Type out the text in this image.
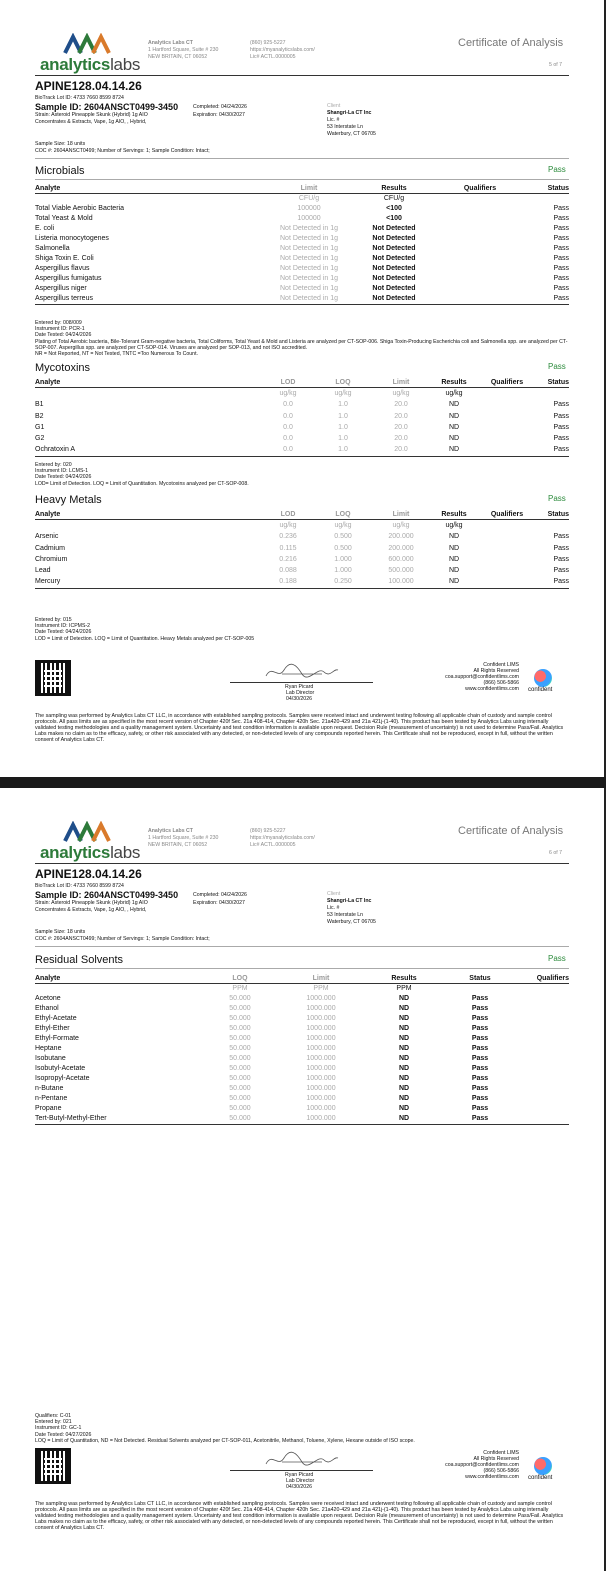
Microbials	Pass
Analyte	Limit	Results	Qualifiers	Status
	CFU/g	CFU/g		
Total Viable Aerobic Bacteria	100000	<100		Pass
Total Yeast & Mold	100000	<100		Pass
E. coli	Not Detected in 1g	Not Detected		Pass
Listeria monocytogenes	Not Detected in 1g	Not Detected		Pass
Salmonella	Not Detected in 1g	Not Detected		Pass
Shiga Toxin E. Coli	Not Detected in 1g	Not Detected		Pass
Aspergillus flavus	Not Detected in 1g	Not Detected		Pass
Aspergillus fumigatus	Not Detected in 1g	Not Detected		Pass
Aspergillus niger	Not Detected in 1g	Not Detected		Pass
Aspergillus terreus	Not Detected in 1g	Not Detected		Pass
Entered by: 008/009
Instrument ID: PCR-1
Date Tested: 04/24/2026
Plating of Total Aerobic bacteria, Bile-Tolerant Gram-negative bacteria, Total Coliforms, Total Yeast & Mold and Listeria are analyzed per CT-SOP-006. Shiga Toxin-Producing Escherichia coli and Salmonella spp. are analyzed per CT-SOP-007. Aspergillus spp. are analyzed per CT-SOP-014. Viruses are analyzed per SOP-013, and not ISO accredited.
NR = Not Reported, NT = Not Tested, TNTC =Too Numerous To Count.
Mycotoxins	Pass
Analyte	LOD	LOQ	Limit	Results	Qualifiers	Status
	ug/kg	ug/kg	ug/kg	ug/kg		
B1	0.0	1.0	20.0	ND		Pass
B2	0.0	1.0	20.0	ND		Pass
G1	0.0	1.0	20.0	ND		Pass
G2	0.0	1.0	20.0	ND		Pass
Ochratoxin A	0.0	1.0	20.0	ND		Pass
Entered by: 020
Instrument ID: LCMS-1
Date Tested: 04/24/2026
LOD= Limit of Detection. LOQ = Limit of Quantitation. Mycotoxins analyzed per CT-SOP-008.
Heavy Metals	Pass
Analyte	LOD	LOQ	Limit	Results	Qualifiers	Status
	ug/kg	ug/kg	ug/kg	ug/kg		
Arsenic	0.236	0.500	200.000	ND		Pass
Cadmium	0.115	0.500	200.000	ND		Pass
Chromium	0.216	1.000	600.000	ND		Pass
Lead	0.088	1.000	500.000	ND		Pass
Mercury	0.188	0.250	100.000	ND		Pass
Entered by: 015
Instrument ID: ICPMS-2
Date Tested: 04/24/2026
LOD = Limit of Detection. LOQ = Limit of Quantitation. Heavy Metals analyzed per CT-SOP-005
analyticslabs
Analytics Labs CT
1 Hartford Square, Suite # 230
NEW BRITAIN, CT 06052
(860) 925-5227
https://myanalyticslabs.com/
Lic# ACTL.0000005
Certificate of Analysis
5 of 7
APINE128.04.14.26
BioTrack Lot ID: 4733 7660 8599 8724
Sample ID: 2604ANSCT0499-3450	Completed: 04/24/2026
Expiration: 04/30/2027
Strain: Asteroid Pineapple Skunk (Hybrid) 1g AIO
Concentrates & Extracts, Vape, 1g AIO, , Hybrid,
Client
Shangri-La CT Inc
Lic. #
53 Interstate Ln
Waterbury, CT 06705
Sample Size: 18 units
COC #: 2604ANSCT0499; Number of Servings: 1; Sample Condition: Intact;
Ryan Picard
Lab Director
04/30/2026
Confident LIMS
All Rights Reserved
coa.support@confidentlims.com
(866) 506-5866
www.confidentlims.com confident
The sampling was performed by Analytics Labs CT LLC, in accordance with established sampling protocols. Samples were received intact and underwent testing following all applicable chain of custody and sample control protocols. All pass limits are as specified in the most recent version of Chapter 420f Sec. 21a 408-414, Chapter 420h Sec. 21a420-429 and 21a 421j-(1-40). This product has been tested by Analytics Labs using internally validated testing methodologies and a quality management system. Uncertainty and test condition information is available upon request. Decision Rule (measurement of uncertainty) is not used to determine Pass/Fail. Analytics Labs makes no claim as to the efficacy, safety, or other risk associated with any detected, or non-detected levels of any compounds reported herein. This Certificate shall not be reproduced, except in full, without the written consent of Analytics Labs CT.
Residual Solvents	Pass
Analyte	LOQ	Limit	Results	Status	Qualifiers
	PPM	PPM	PPM		
Acetone	50.000	1000.000	ND	Pass	
Ethanol	50.000	1000.000	ND	Pass	
Ethyl-Acetate	50.000	1000.000	ND	Pass	
Ethyl-Ether	50.000	1000.000	ND	Pass	
Ethyl-Formate	50.000	1000.000	ND	Pass	
Heptane	50.000	1000.000	ND	Pass	
Isobutane	50.000	1000.000	ND	Pass	
Isobutyl-Acetate	50.000	1000.000	ND	Pass	
Isopropyl-Acetate	50.000	1000.000	ND	Pass	
n-Butane	50.000	1000.000	ND	Pass	
n-Pentane	50.000	1000.000	ND	Pass	
Propane	50.000	1000.000	ND	Pass	
Tert-Butyl-Methyl-Ether	50.000	1000.000	ND	Pass	
Qualifiers: C-01
Entered by: 021
Instrument ID: GC-1
Date Tested: 04/27/2026
LOQ = Limit of Quantitation, ND = Not Detected. Residual Solvents analyzed per CT-SOP-011, Acetonitrile, Methanol, Toluene, Xylene, Hexane outside of ISO scope.
analyticslabs
Analytics Labs CT
1 Hartford Square, Suite # 230
NEW BRITAIN, CT 06052
(860) 925-5227
https://myanalyticslabs.com/
Lic# ACTL.0000005
Certificate of Analysis
6 of 7
APINE128.04.14.26
BioTrack Lot ID: 4733 7660 8599 8724
Sample ID: 2604ANSCT0499-3450	Completed: 04/24/2026
Expiration: 04/30/2027
Strain: Asteroid Pineapple Skunk (Hybrid) 1g AIO
Concentrates & Extracts, Vape, 1g AIO, , Hybrid,
Client
Shangri-La CT Inc
Lic. #
53 Interstate Ln
Waterbury, CT 06705
Sample Size: 18 units
COC #: 2604ANSCT0499; Number of Servings: 1; Sample Condition: Intact;
Ryan Picard
Lab Director
04/30/2026
Confident LIMS
All Rights Reserved
coa.support@confidentlims.com
(866) 506-5866
www.confidentlims.com confident
The sampling was performed by Analytics Labs CT LLC, in accordance with established sampling protocols. Samples were received intact and underwent testing following all applicable chain of custody and sample control protocols. All pass limits are as specified in the most recent version of Chapter 420f Sec. 21a 408-414, Chapter 420h Sec. 21a420-429 and 21a 421j-(1-40). This product has been tested by Analytics Labs using internally validated testing methodologies and a quality management system. Uncertainty and test condition information is available upon request. Decision Rule (measurement of uncertainty) is not used to determine Pass/Fail. Analytics Labs makes no claim as to the efficacy, safety, or other risk associated with any detected, or non-detected levels of any compounds reported herein. This Certificate shall not be reproduced, except in full, without the written consent of Analytics Labs CT.
